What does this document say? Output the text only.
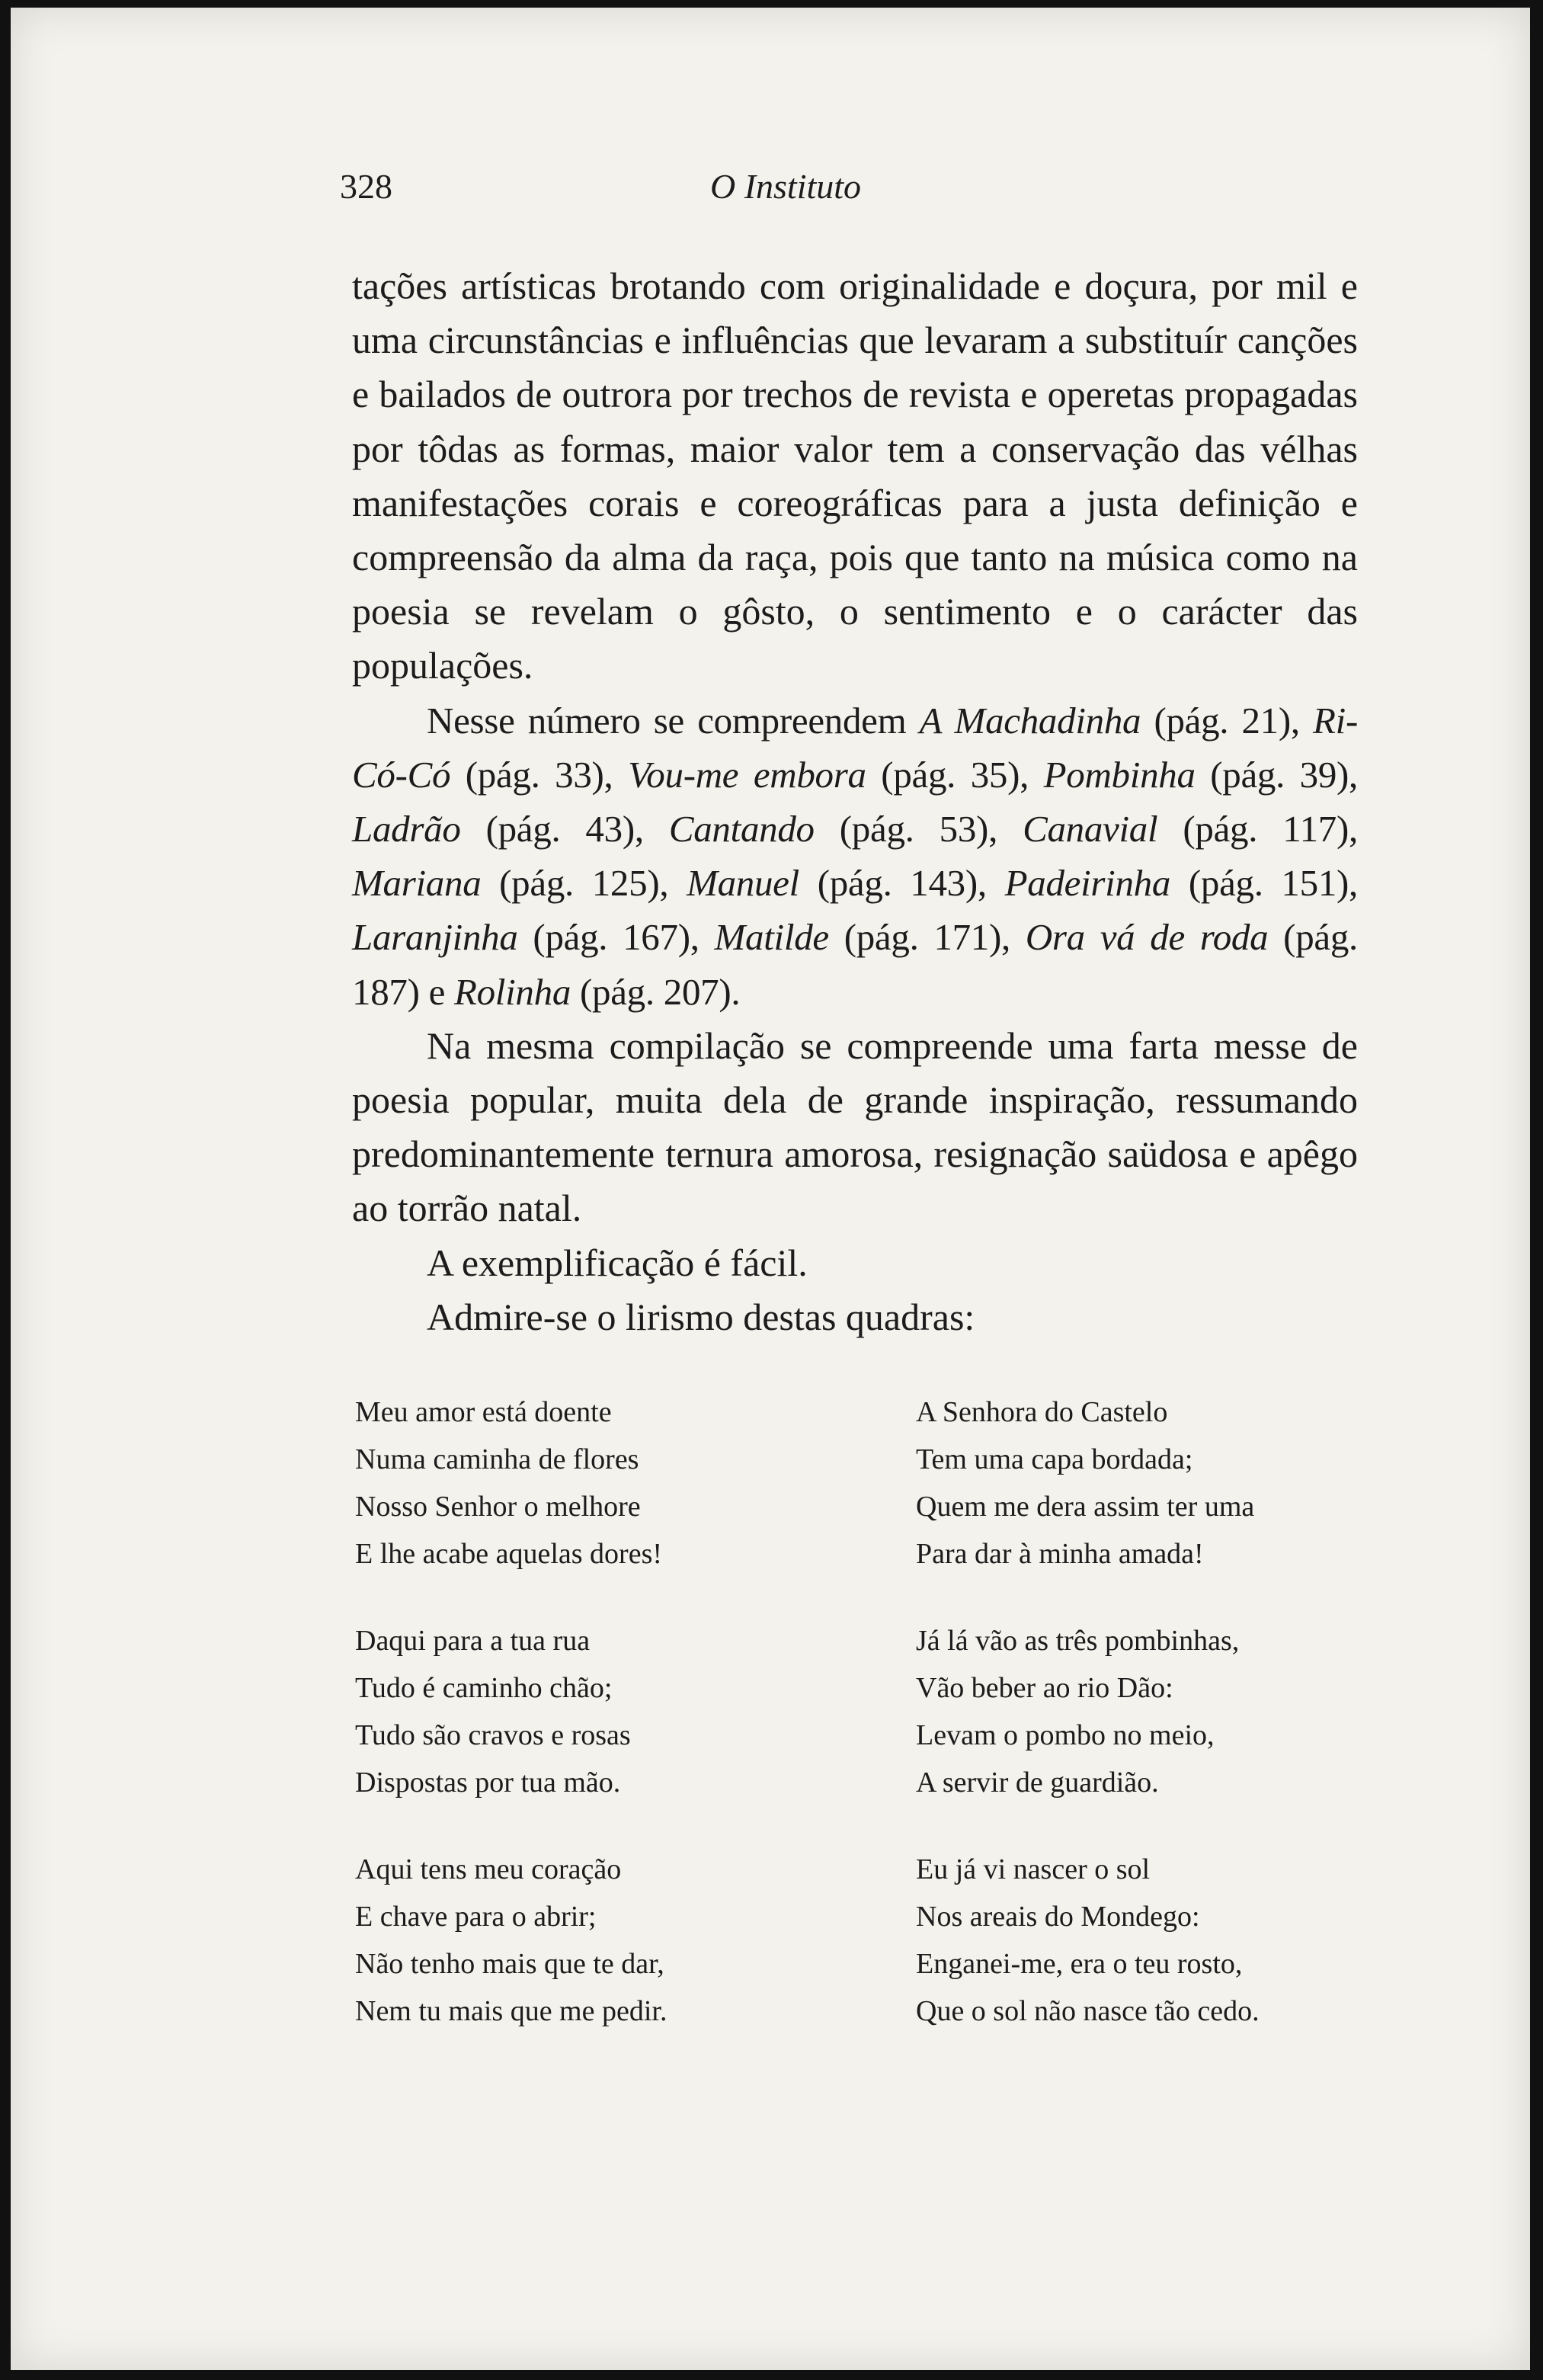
328	O Instituto

tações artísticas brotando com originalidade e doçura, por mil e uma circunstâncias e influências que levaram a substituír canções e bailados de outrora por trechos de revista e operetas propagadas por tôdas as formas, maior valor tem a conservação das vélhas manifestações corais e coreográficas para a justa definição e compreensão da alma da raça, pois que tanto na música como na poesia se revelam o gôsto, o sentimento e o carácter das populações.

Nesse número se compreendem A Machadinha (pág. 21), Ri-Có-Có (pág. 33), Vou-me embora (pág. 35), Pombinha (pág. 39), Ladrão (pág. 43), Cantando (pág. 53), Canavial (pág. 117), Mariana (pág. 125), Manuel (pág. 143), Padeirinha (pág. 151), Laranjinha (pág. 167), Matilde (pág. 171), Ora vá de roda (pág. 187) e Rolinha (pág. 207).

Na mesma compilação se compreende uma farta messe de poesia popular, muita dela de grande inspiração, ressumando predominantemente ternura amorosa, resignação saüdosa e apêgo ao torrão natal.

A exemplificação é fácil.

Admire-se o lirismo destas quadras:

Meu amor está doente
Numa caminha de flores
Nosso Senhor o melhore
E lhe acabe aquelas dores!
A Senhora do Castelo
Tem uma capa bordada;
Quem me dera assim ter uma
Para dar à minha amada!
Daqui para a tua rua
Tudo é caminho chão;
Tudo são cravos e rosas
Dispostas por tua mão.
Já lá vão as três pombinhas,
Vão beber ao rio Dão:
Levam o pombo no meio,
A servir de guardião.
Aqui tens meu coração
E chave para o abrir;
Não tenho mais que te dar,
Nem tu mais que me pedir.
Eu já vi nascer o sol
Nos areais do Mondego:
Enganei-me, era o teu rosto,
Que o sol não nasce tão cedo.
